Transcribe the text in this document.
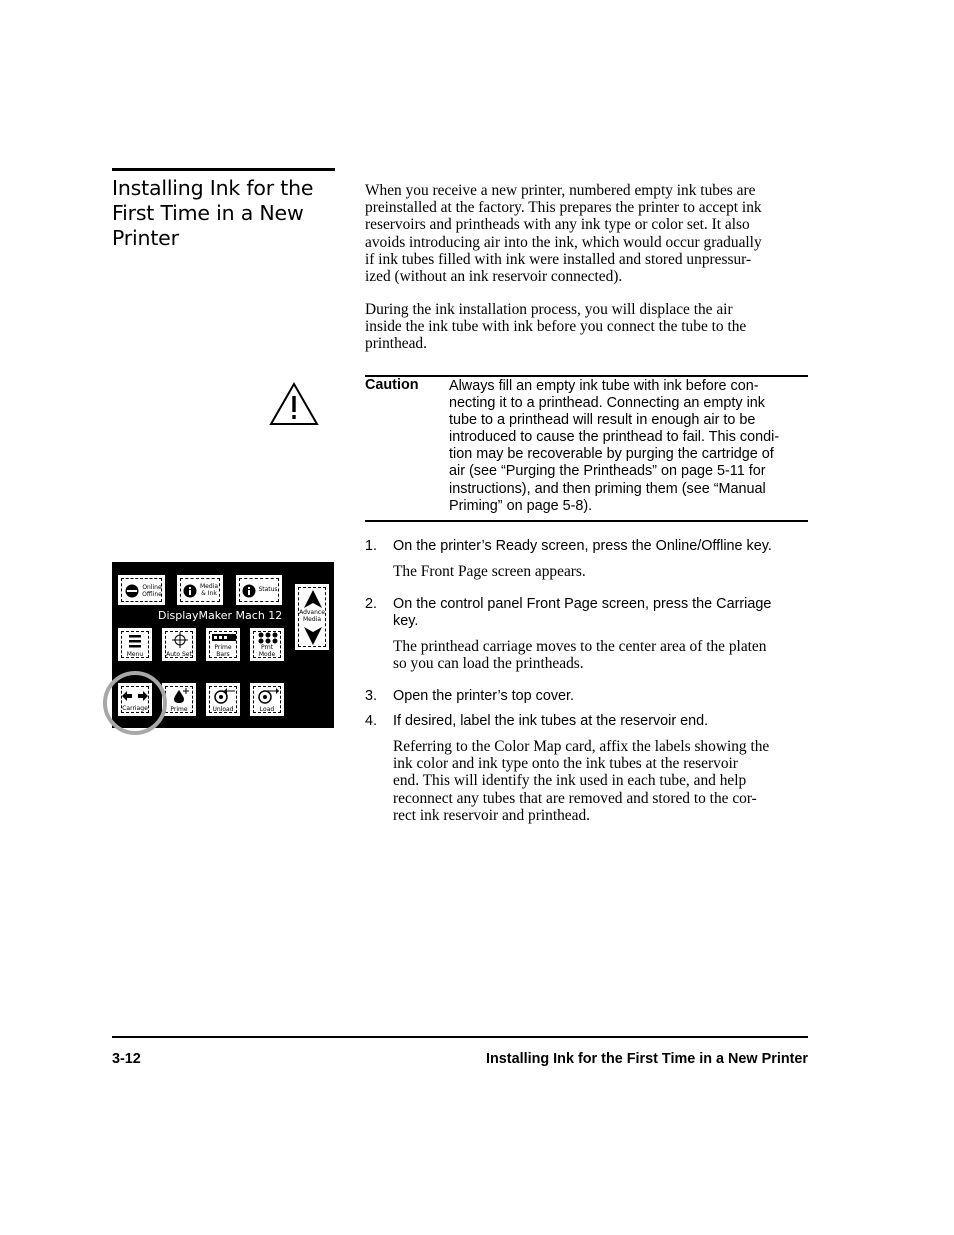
Installing Ink for the
First Time in a New
Printer
When you receive a new printer, numbered empty ink tubes are
preinstalled at the factory. This prepares the printer to accept ink
reservoirs and printheads with any ink type or color set. It also
avoids introducing air into the ink, which would occur gradually
if ink tubes filled with ink were installed and stored unpressur-
ized (without an ink reservoir connected).
During the ink installation process, you will displace the air
inside the ink tube with ink before you connect the tube to the
printhead.
Caution Always fill an empty ink tube with ink before con-
necting it to a printhead. Connecting an empty ink
tube to a printhead will result in enough air to be
introduced to cause the printhead to fail. This condi-
tion may be recoverable by purging the cartridge of
air (see “Purging the Printheads” on page 5-11 for
instructions), and then priming them (see “Manual
Priming” on page 5-8).
1. On the printer’s Ready screen, press the Online/Offline key.
The Front Page screen appears.
2. On the control panel Front Page screen, press the Carriage
key.
The printhead carriage moves to the center area of the platen
so you can load the printheads.
3. Open the printer’s top cover.
4. If desired, label the ink tubes at the reservoir end.
Referring to the Color Map card, affix the labels showing the
ink color and ink type onto the ink tubes at the reservoir
end. This will identify the ink used in each tube, and help
reconnect any tubes that are removed and stored to the cor-
rect ink reservoir and printhead.
Online
Offline
Media
& Ink	Status
Advance
Media
DisplayMaker Mach 12
Menu	Auto Set
Prime
Bars
Prnt
Mode
Carriage	Prime	Unload	Load
3-12	Installing Ink for the First Time in a New Printer
